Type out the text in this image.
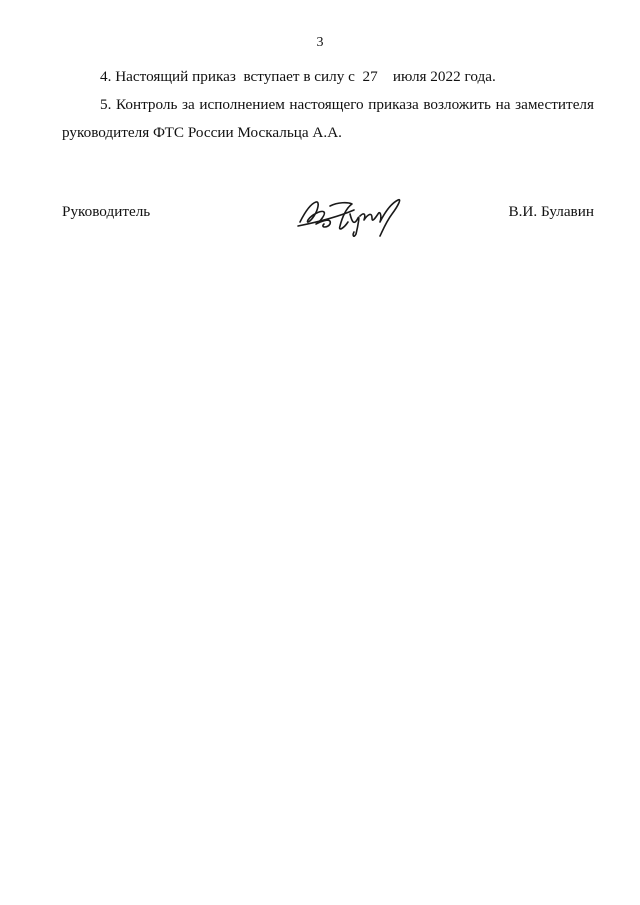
3

4. Настоящий приказ  вступает в силу с  27    июля 2022 года.

5. Контроль за исполнением настоящего приказа возложить на заместителя руководителя ФТС России Москальца А.А.

Руководитель	В.И. Булавин
